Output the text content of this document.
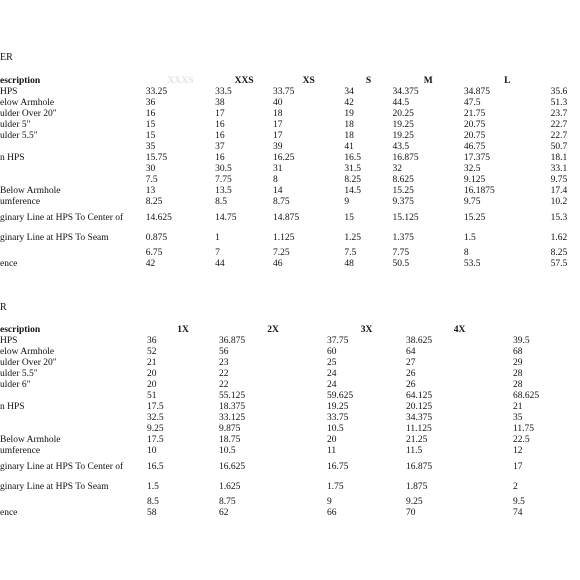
ER
escription	XXXS	XXS	XS	S	M	L	
HPS	33.25	33.5	33.75	34	34.375	34.875	35.6
elow Armhole	36	38	40	42	44.5	47.5	51.3
ulder Over 20"	16	17	18	19	20.25	21.75	23.7
ulder 5"	15	16	17	18	19.25	20.75	22.7
ulder 5.5"	15	16	17	18	19.25	20.75	22.7
	35	37	39	41	43.5	46.75	50.7
n HPS	15.75	16	16.25	16.5	16.875	17.375	18.1
	30	30.5	31	31.5	32	32.5	33.1
	7.5	7.75	8	8.25	8.625	9.125	9.75
Below Armhole	13	13.5	14	14.5	15.25	16.1875	17.4
umference	8.25	8.5	8.75	9	9.375	9.75	10.2
ginary Line at HPS To Center of	14.625	14.75	14.875	15	15.125	15.25	15.3
ginary Line at HPS To Seam	0.875	1	1.125	1.25	1.375	1.5	1.62
	6.75	7	7.25	7.5	7.75	8	8.25
ence	42	44	46	48	50.5	53.5	57.5
R
escription	1X	2X	3X	4X	
HPS	36	36.875	37.75	38.625	39.5
elow Armhole	52	56	60	64	68
ulder Over 20"	21	23	25	27	29
ulder 5.5"	20	22	24	26	28
ulder 6"	20	22	24	26	28
	51	55.125	59.625	64.125	68.625
n HPS	17.5	18.375	19.25	20.125	21
	32.5	33.125	33.75	34.375	35
	9.25	9.875	10.5	11.125	11.75
Below Armhole	17.5	18.75	20	21.25	22.5
umference	10	10.5	11	11.5	12
ginary Line at HPS To Center of	16.5	16.625	16.75	16.875	17
ginary Line at HPS To Seam	1.5	1.625	1.75	1.875	2
	8.5	8.75	9	9.25	9.5
ence	58	62	66	70	74
